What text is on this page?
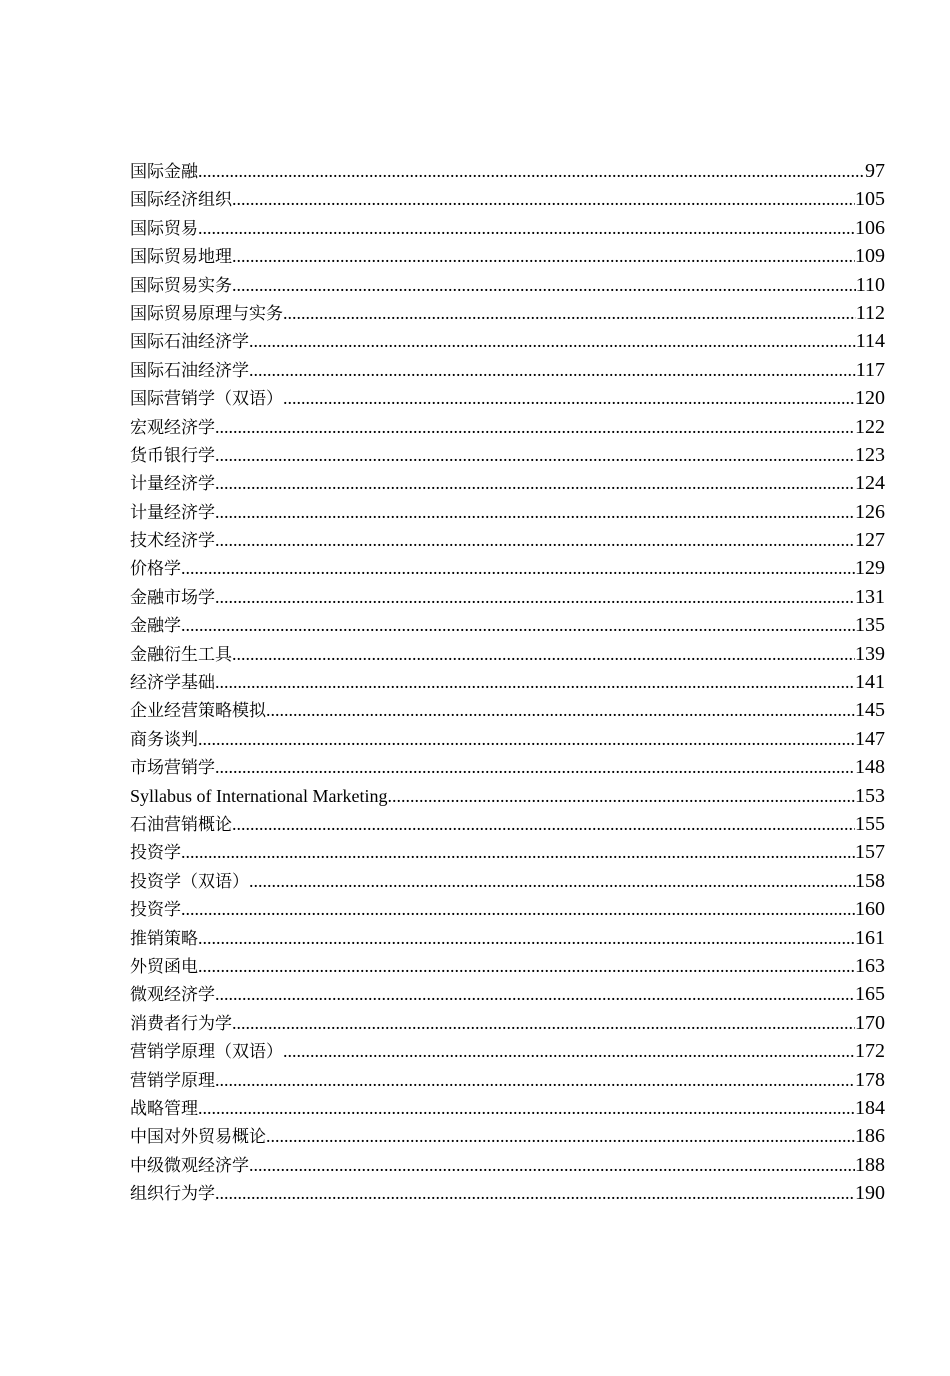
国际金融 .....	97
国际经济组织 .....	105
国际贸易 .....	106
国际贸易地理 .....	109
国际贸易实务 .....	110
国际贸易原理与实务 .....	112
国际石油经济学 .....	114
国际石油经济学 .....	117
国际营销学（双语） .....	120
宏观经济学 .....	122
货币银行学 .....	123
计量经济学 .....	124
计量经济学 .....	126
技术经济学 .....	127
价格学 .....	129
金融市场学 .....	131
金融学 .....	135
金融衍生工具 .....	139
经济学基础 .....	141
企业经营策略模拟 .....	145
商务谈判 .....	147
市场营销学 .....	148
Syllabus of International Marketing .....	153
石油营销概论 .....	155
投资学 .....	157
投资学（双语） .....	158
投资学 .....	160
推销策略 .....	161
外贸函电 .....	163
微观经济学 .....	165
消费者行为学 .....	170
营销学原理（双语） .....	172
营销学原理 .....	178
战略管理 .....	184
中国对外贸易概论 .....	186
中级微观经济学 .....	188
组织行为学 .....	190
